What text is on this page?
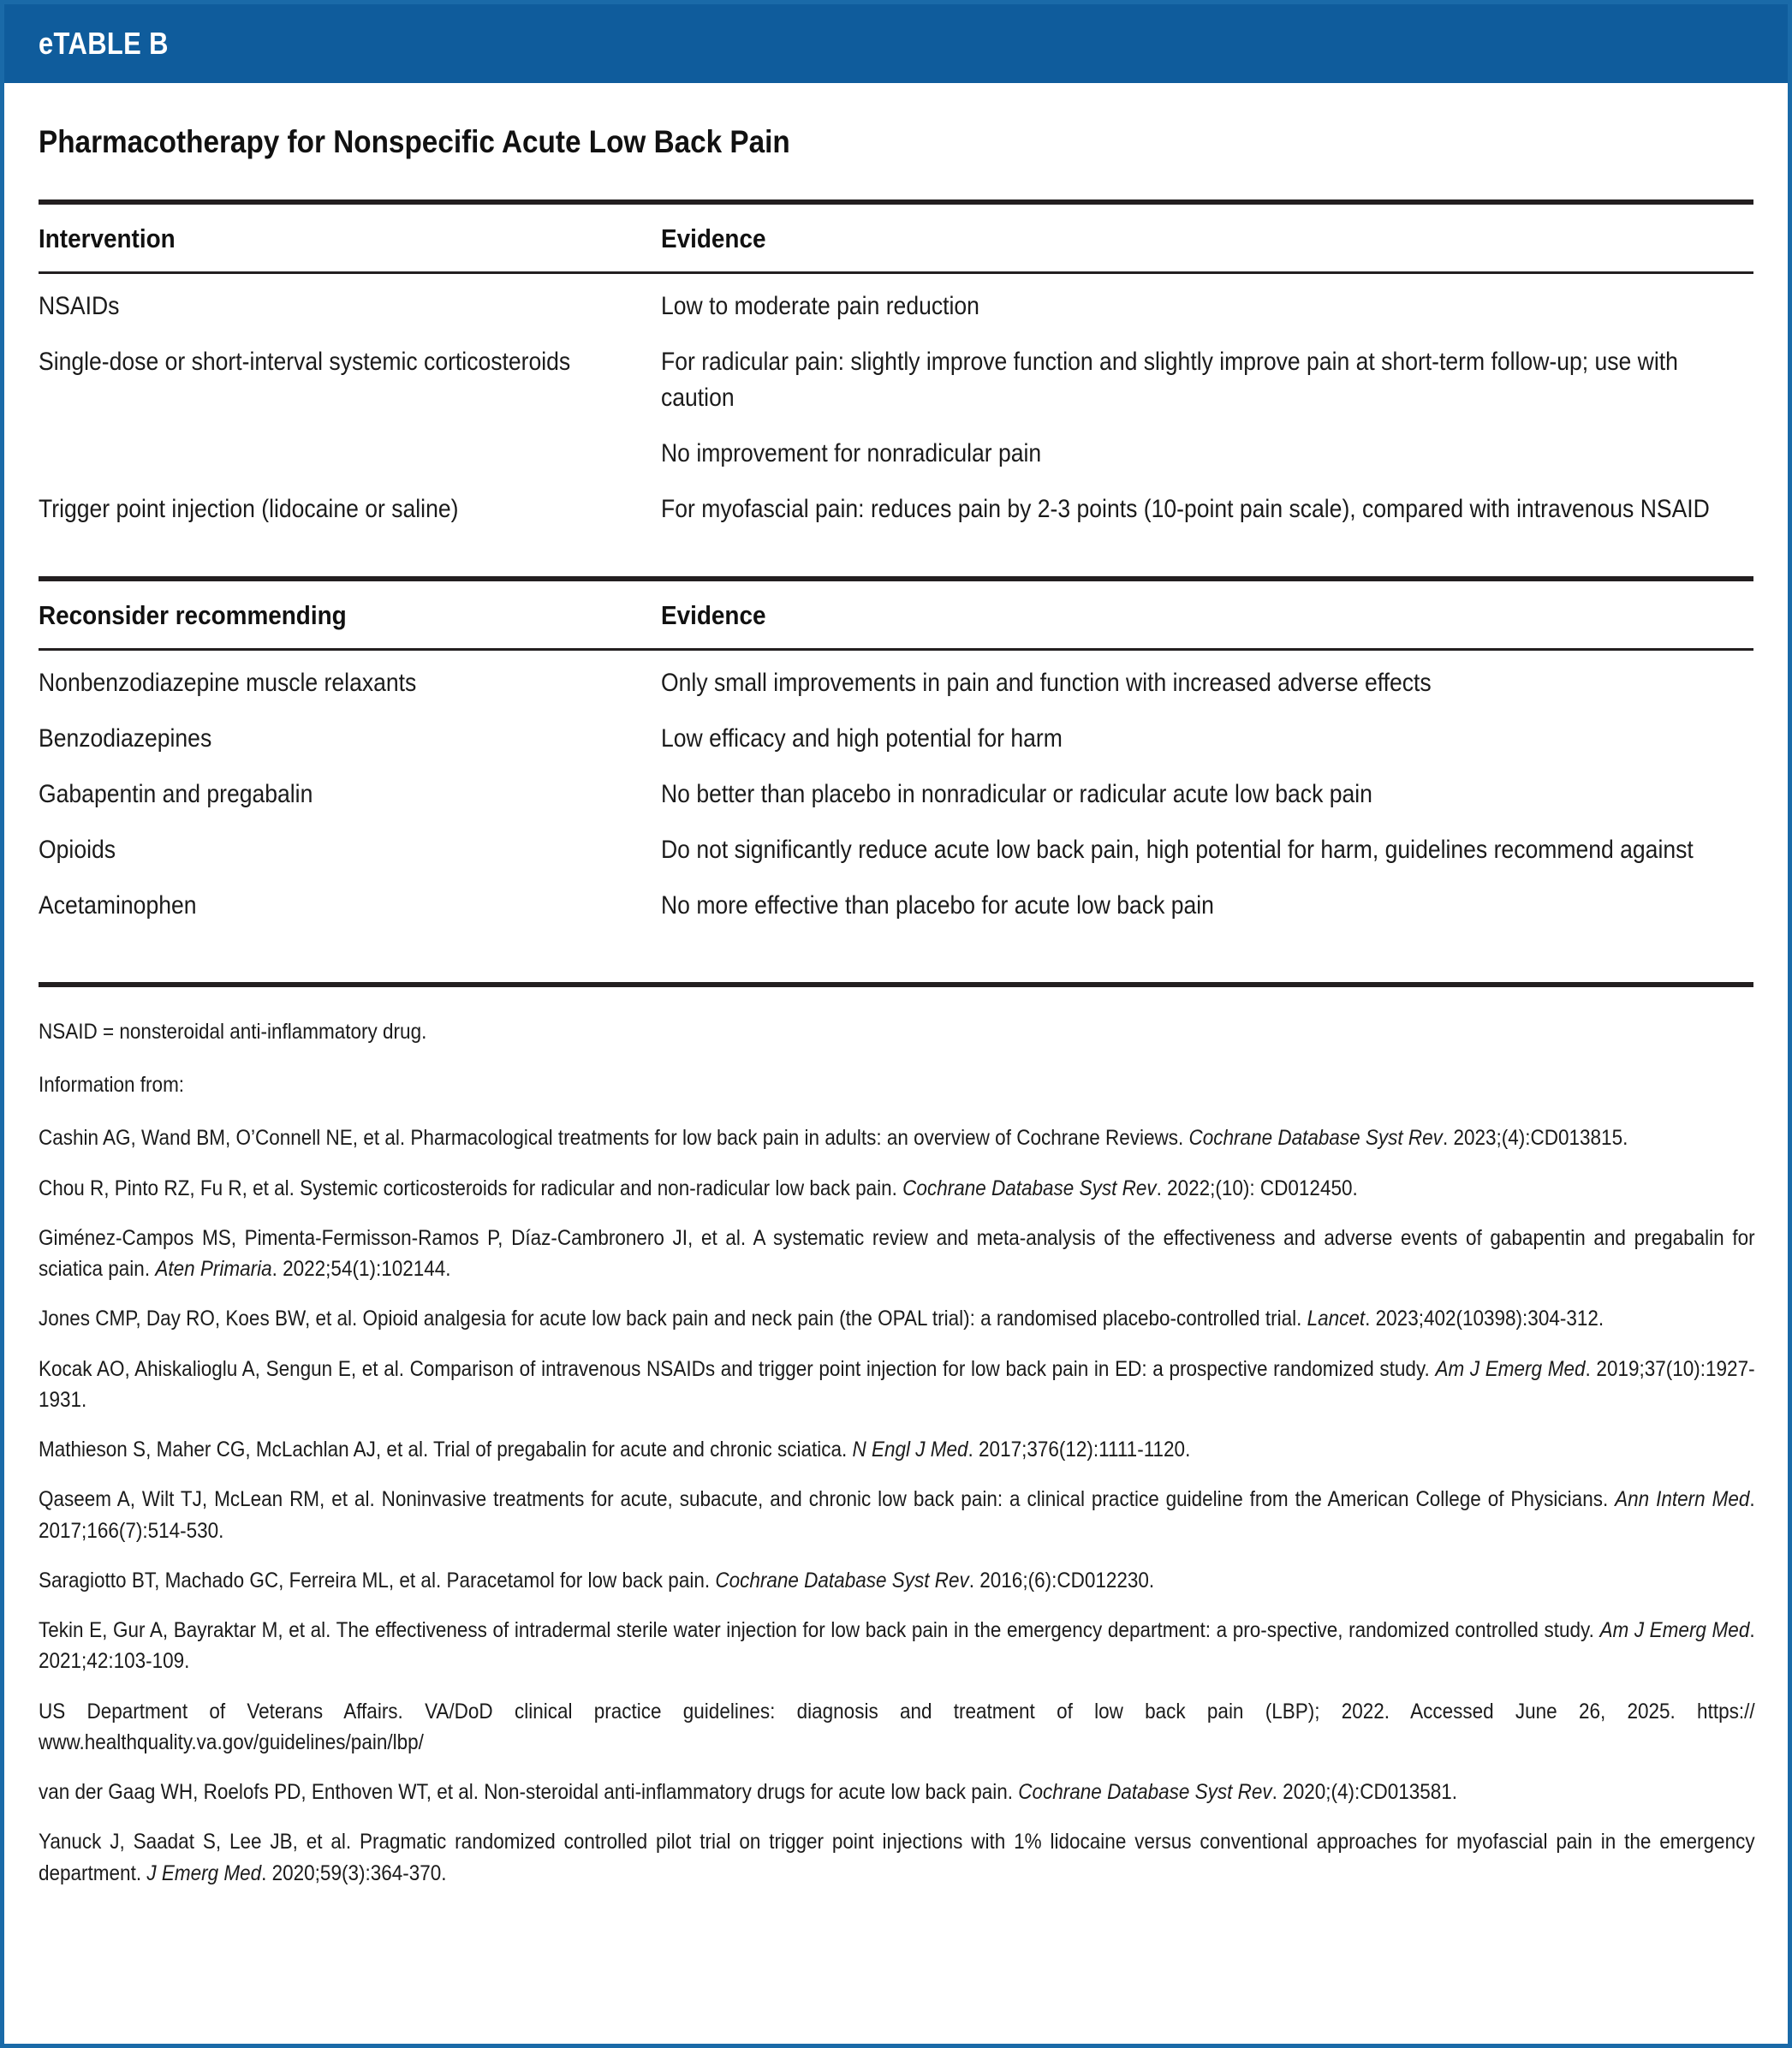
eTABLE B
Pharmacotherapy for Nonspecific Acute Low Back Pain
Intervention	Evidence
NSAIDs	Low to moderate pain reduction

Single-dose or short-interval systemic corticosteroids	For radicular pain: slightly improve function and slightly improve pain at short-term follow-up; use with caution

	No improvement for nonradicular pain

Trigger point injection (lidocaine or saline)	For myofascial pain: reduces pain by 2-3 points (10-point pain scale), compared with intravenous NSAID
Reconsider recommending	Evidence
Nonbenzodiazepine muscle relaxants	Only small improvements in pain and function with increased adverse effects

Benzodiazepines	Low efficacy and high potential for harm

Gabapentin and pregabalin	No better than placebo in nonradicular or radicular acute low back pain

Opioids	Do not significantly reduce acute low back pain, high potential for harm, guidelines recommend against

Acetaminophen	No more effective than placebo for acute low back pain
NSAID = nonsteroidal anti-inflammatory drug.
Information from:
Cashin AG, Wand BM, O’Connell NE, et al. Pharmacological treatments for low back pain in adults: an overview of Cochrane Reviews. Cochrane Database Syst Rev. 2023;(4):CD013815.
Chou R, Pinto RZ, Fu R, et al. Systemic corticosteroids for radicular and non-radicular low back pain. Cochrane Database Syst Rev. 2022;(10): CD012450.
Giménez-Campos MS, Pimenta-Fermisson-Ramos P, Díaz-Cambronero JI, et al. A systematic review and meta-analysis of the effectiveness and adverse events of gabapentin and pregabalin for sciatica pain. Aten Primaria. 2022;54(1):102144.
Jones CMP, Day RO, Koes BW, et al. Opioid analgesia for acute low back pain and neck pain (the OPAL trial): a randomised placebo-controlled trial. Lancet. 2023;402(10398):304-312.
Kocak AO, Ahiskalioglu A, Sengun E, et al. Comparison of intravenous NSAIDs and trigger point injection for low back pain in ED: a prospective randomized study. Am J Emerg Med. 2019;37(10):1927-1931.
Mathieson S, Maher CG, McLachlan AJ, et al. Trial of pregabalin for acute and chronic sciatica. N Engl J Med. 2017;376(12):1111-1120.
Qaseem A, Wilt TJ, McLean RM, et al. Noninvasive treatments for acute, subacute, and chronic low back pain: a clinical practice guideline from the American College of Physicians. Ann Intern Med. 2017;166(7):514-530.
Saragiotto BT, Machado GC, Ferreira ML, et al. Paracetamol for low back pain. Cochrane Database Syst Rev. 2016;(6):CD012230.
Tekin E, Gur A, Bayraktar M, et al. The effectiveness of intradermal sterile water injection for low back pain in the emergency department: a pro-spective, randomized controlled study. Am J Emerg Med. 2021;42:103-109.
US Department of Veterans Affairs. VA/DoD clinical practice guidelines: diagnosis and treatment of low back pain (LBP); 2022. Accessed June 26, 2025. https:// www.healthquality.va.gov/guidelines/pain/lbp/
van der Gaag WH, Roelofs PD, Enthoven WT, et al. Non-steroidal anti-inflammatory drugs for acute low back pain. Cochrane Database Syst Rev. 2020;(4):CD013581.
Yanuck J, Saadat S, Lee JB, et al. Pragmatic randomized controlled pilot trial on trigger point injections with 1% lidocaine versus conventional approaches for myofascial pain in the emergency department. J Emerg Med. 2020;59(3):364-370.
